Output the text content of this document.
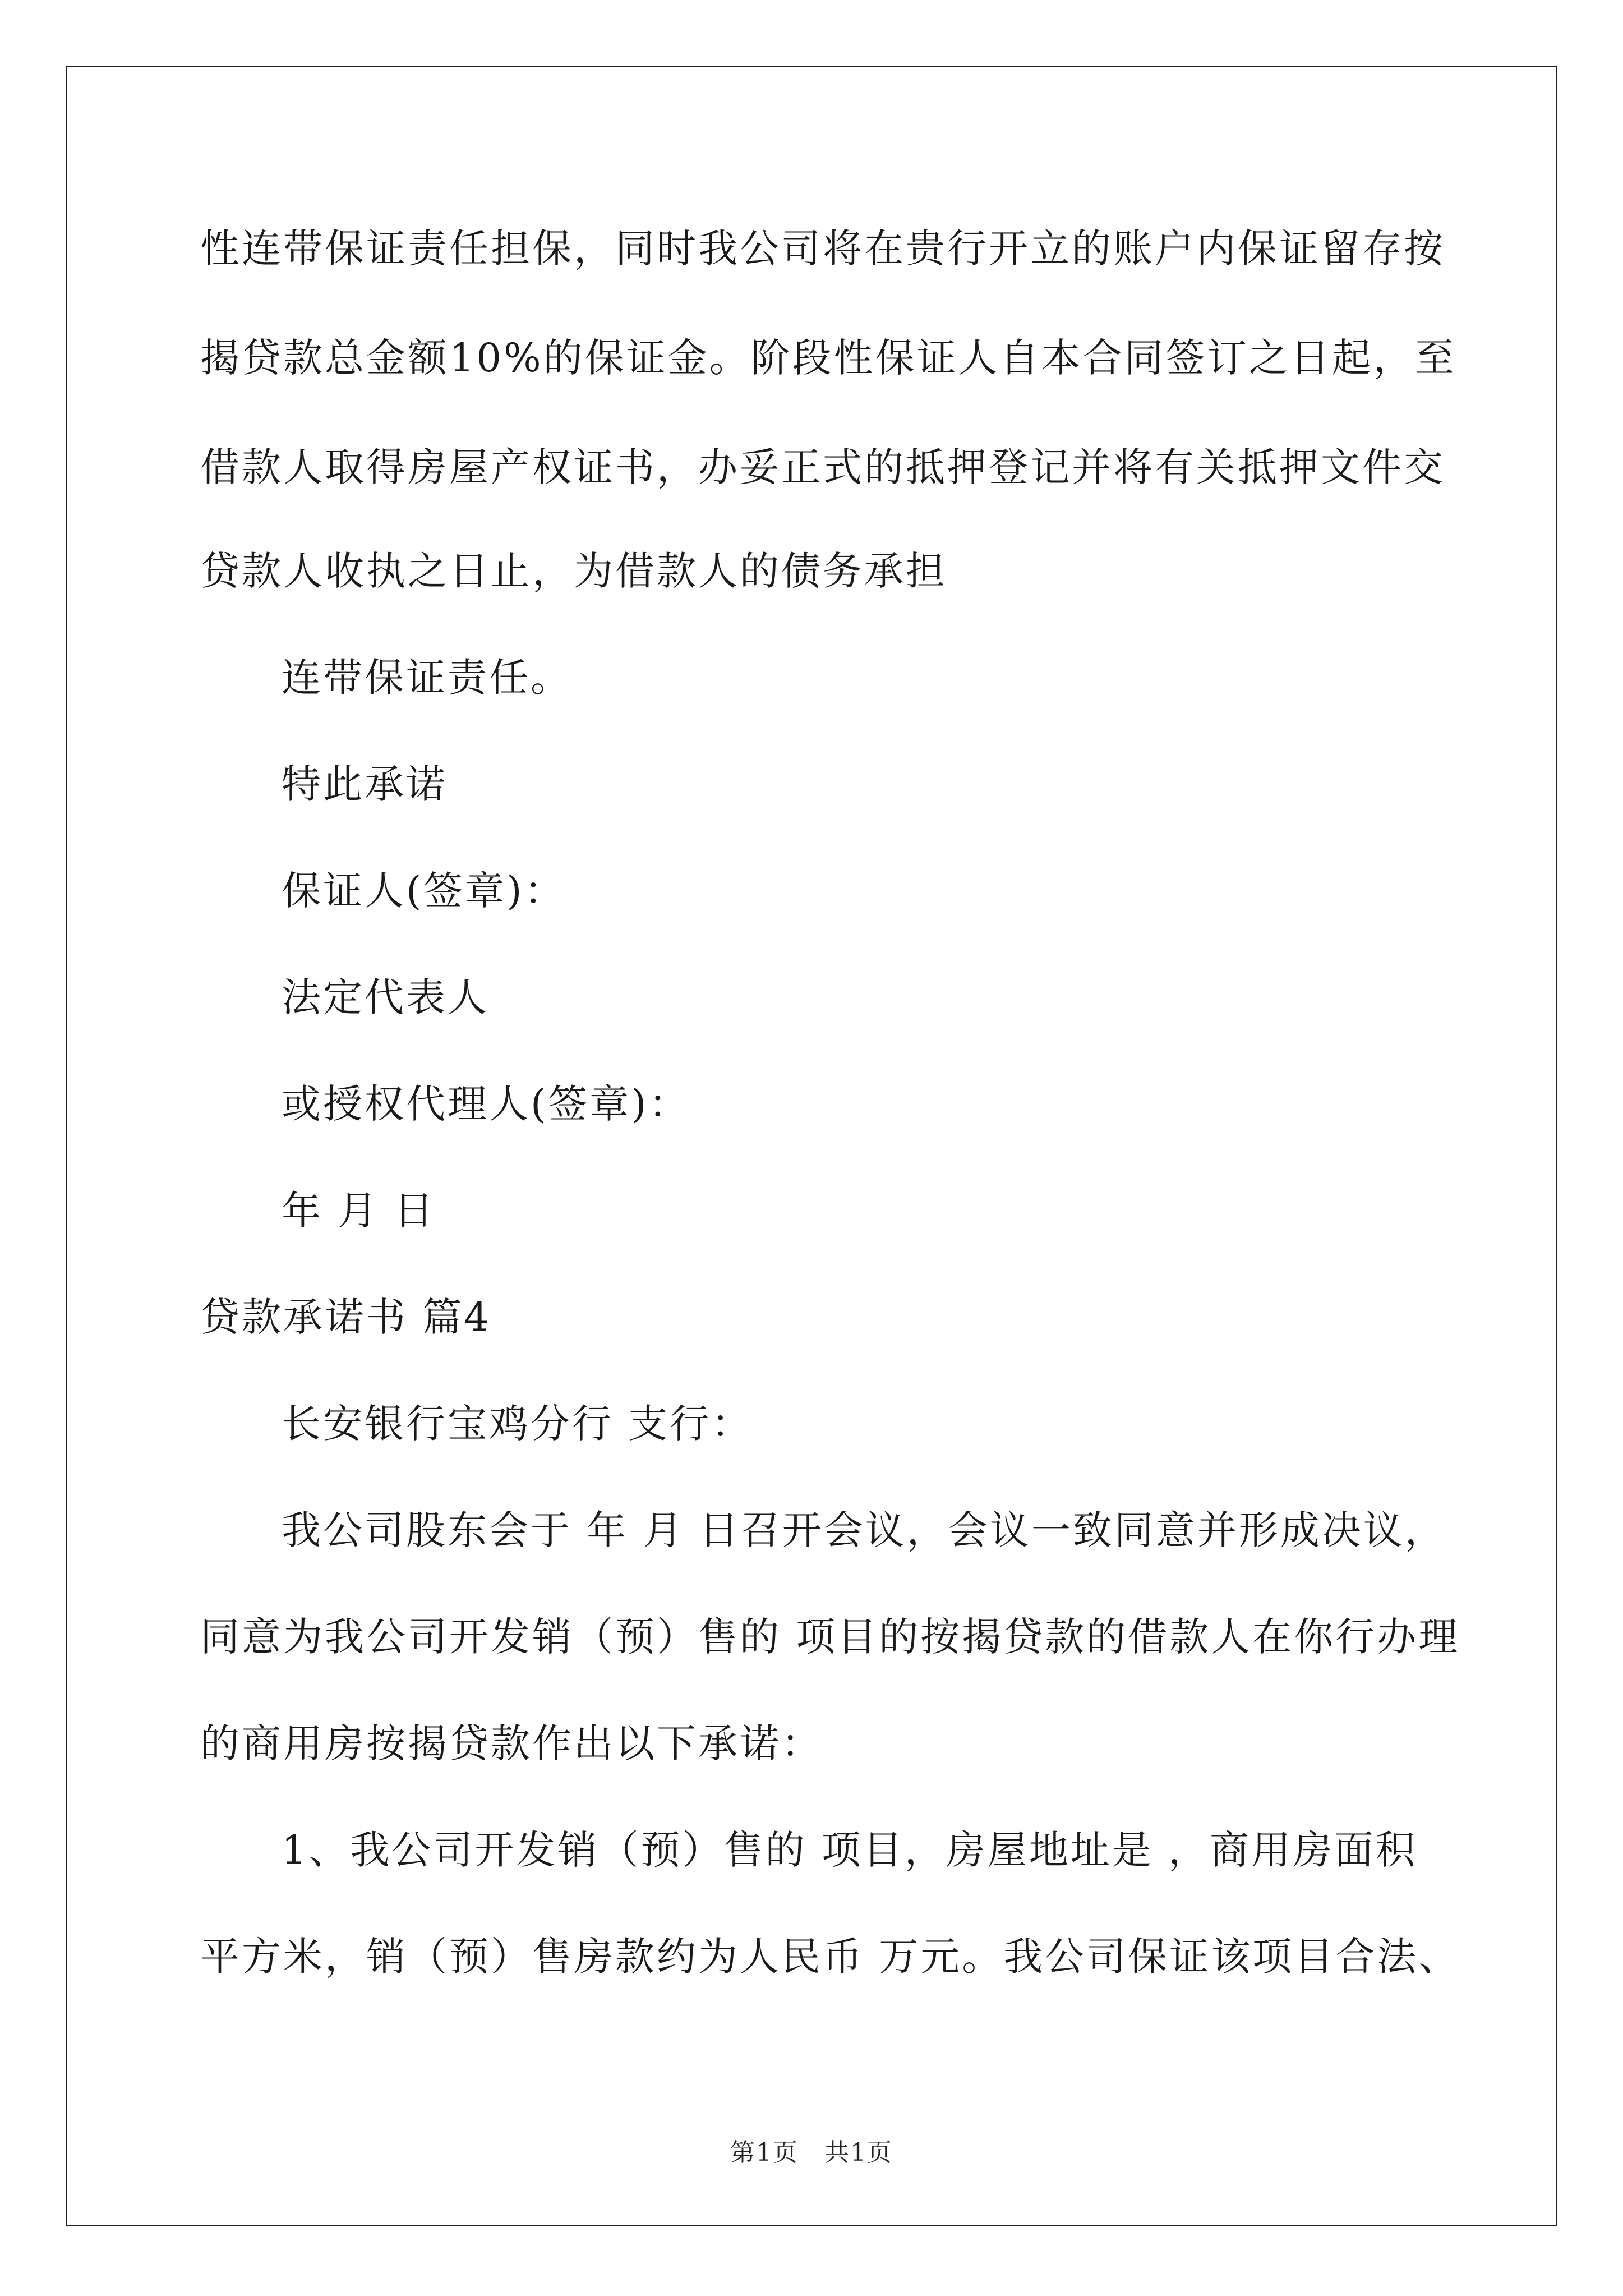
性连带保证责任担保，同时我公司将在贵行开立的账户内保证留存按
揭贷款总金额10%的保证金。阶段性保证人自本合同签订之日起，至
借款人取得房屋产权证书，办妥正式的抵押登记并将有关抵押文件交
贷款人收执之日止，为借款人的债务承担
连带保证责任。
特此承诺
保证人(签章)：
法定代表人
或授权代理人(签章)：
年 月 日
贷款承诺书 篇4
长安银行宝鸡分行 支行：
我公司股东会于 年 月 日召开会议，会议一致同意并形成决议，
同意为我公司开发销（预）售的 项目的按揭贷款的借款人在你行办理
的商用房按揭贷款作出以下承诺：
1、我公司开发销（预）售的 项目，房屋地址是 ，商用房面积
平方米，销（预）售房款约为人民币 万元。我公司保证该项目合法、
第1页　共1页
